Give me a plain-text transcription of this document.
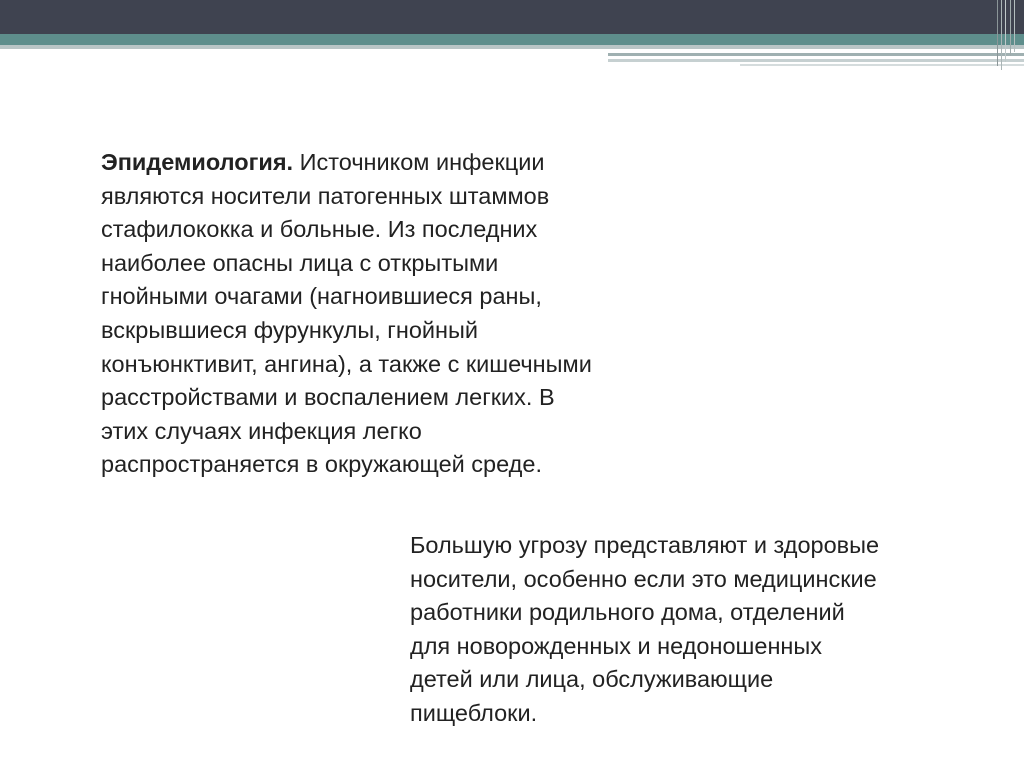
Эпидемиология. Источником инфекции являются носители патогенных штаммов стафилококка и больные. Из последних наиболее опасны лица с открытыми гнойными очагами (нагноившиеся раны, вскрывшиеся фурункулы, гнойный конъюнктивит, ангина), а также с кишечными расстройствами и воспалением легких. В этих случаях инфекция легко распространяется в окружающей среде.

Большую угрозу представляют и здоровые носители, особенно если это медицинские работники родильного дома, отделений для новорожденных и недоношенных детей или лица, обслуживающие пищеблоки.
